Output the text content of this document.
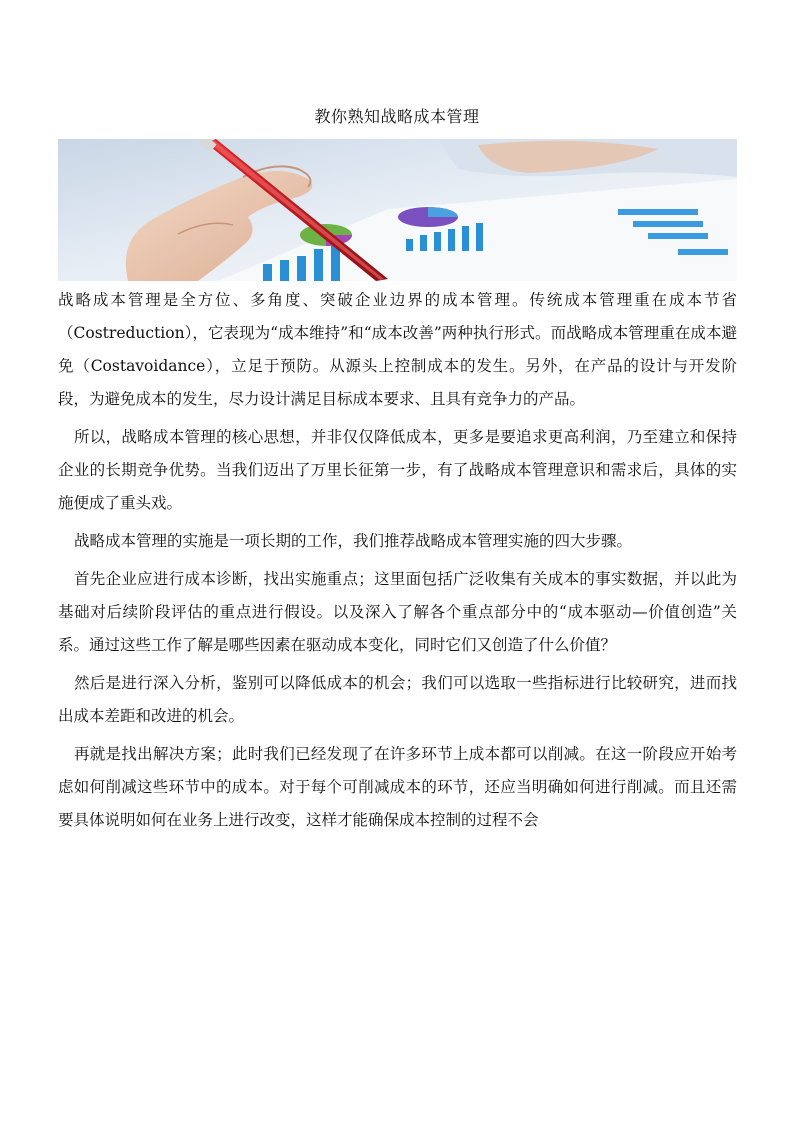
教你熟知战略成本管理

战略成本管理是全方位、多角度、突破企业边界的成本管理。传统成本管理重在成本节省（Costreduction），它表现为“成本维持”和“成本改善”两种执行形式。而战略成本管理重在成本避免（Costavoidance），立足于预防。从源头上控制成本的发生。另外，在产品的设计与开发阶段，为避免成本的发生，尽力设计满足目标成本要求、且具有竞争力的产品。

所以，战略成本管理的核心思想，并非仅仅降低成本，更多是要追求更高利润，乃至建立和保持企业的长期竞争优势。当我们迈出了万里长征第一步，有了战略成本管理意识和需求后，具体的实施便成了重头戏。

战略成本管理的实施是一项长期的工作，我们推荐战略成本管理实施的四大步骤。

首先企业应进行成本诊断，找出实施重点；这里面包括广泛收集有关成本的事实数据，并以此为基础对后续阶段评估的重点进行假设。以及深入了解各个重点部分中的“成本驱动—价值创造”关系。通过这些工作了解是哪些因素在驱动成本变化，同时它们又创造了什么价值？

然后是进行深入分析，鉴别可以降低成本的机会；我们可以选取一些指标进行比较研究，进而找出成本差距和改进的机会。

再就是找出解决方案；此时我们已经发现了在许多环节上成本都可以削减。在这一阶段应开始考虑如何削减这些环节中的成本。对于每个可削减成本的环节，还应当明确如何进行削减。而且还需要具体说明如何在业务上进行改变，这样才能确保成本控制的过程不会
